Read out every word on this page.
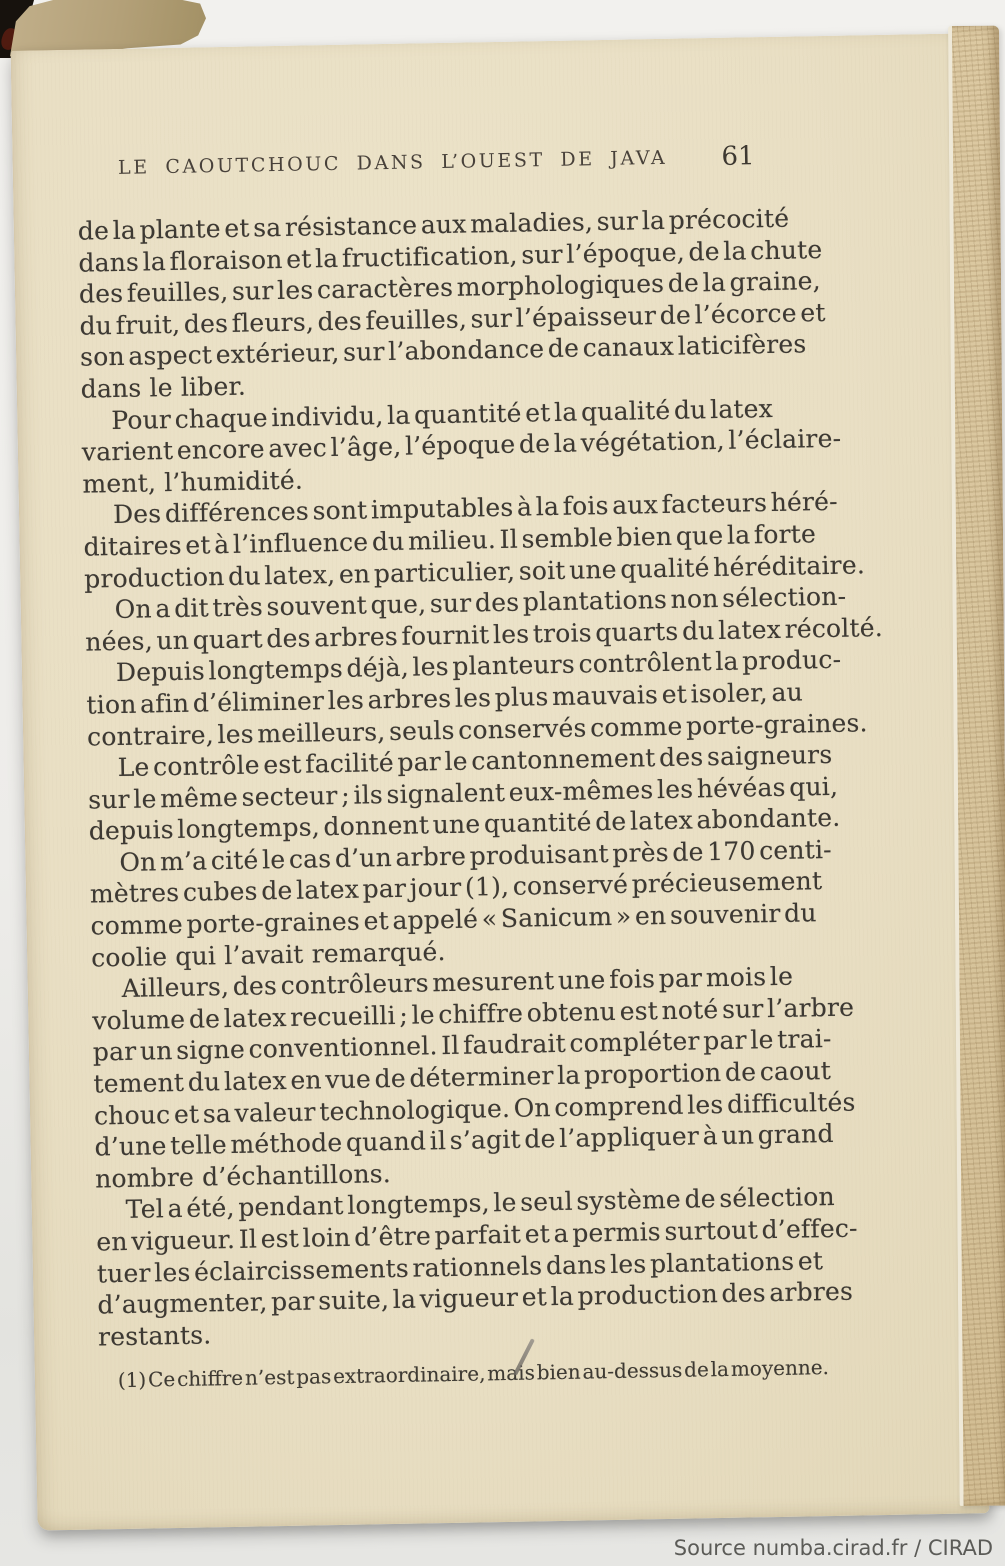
LE CAOUTCHOUC DANS L’OUEST DE JAVA	61
de la plante et sa résistance aux maladies, sur la précocité
dans la floraison et la fructification, sur l’époque, de la chute
des feuilles, sur les caractères morphologiques de la graine,
du fruit, des fleurs, des feuilles, sur l’épaisseur de l’écorce et
son aspect extérieur, sur l’abondance de canaux laticifères
dans le liber.
Pour chaque individu, la quantité et la qualité du latex
varient encore avec l’âge, l’époque de la végétation, l’éclaire-
ment, l’humidité.
Des différences sont imputables à la fois aux facteurs héré-
ditaires et à l’influence du milieu. Il semble bien que la forte
production du latex, en particulier, soit une qualité héréditaire.
On a dit très souvent que, sur des plantations non sélection-
nées, un quart des arbres fournit les trois quarts du latex récolté.
Depuis longtemps déjà, les planteurs contrôlent la produc-
tion afin d’éliminer les arbres les plus mauvais et isoler, au
contraire, les meilleurs, seuls conservés comme porte-graines.
Le contrôle est facilité par le cantonnement des saigneurs
sur le même secteur ; ils signalent eux-mêmes les hévéas qui,
depuis longtemps, donnent une quantité de latex abondante.
On m’a cité le cas d’un arbre produisant près de 170 centi-
mètres cubes de latex par jour (1), conservé précieusement
comme porte-graines et appelé « Sanicum » en souvenir du
coolie qui l’avait remarqué.
Ailleurs, des contrôleurs mesurent une fois par mois le
volume de latex recueilli ; le chiffre obtenu est noté sur l’arbre
par un signe conventionnel. Il faudrait compléter par le trai-
tement du latex en vue de déterminer la proportion de caout
chouc et sa valeur technologique. On comprend les difficultés
d’une telle méthode quand il s’agit de l’appliquer à un grand
nombre d’échantillons.
Tel a été, pendant longtemps, le seul système de sélection
en vigueur. Il est loin d’être parfait et a permis surtout d’effec-
tuer les éclaircissements rationnels dans les plantations et
d’augmenter, par suite, la vigueur et la production des arbres
restants.
(1) Ce chiffre n’est pas extraordinaire, mais bien au-dessus de la moyenne.
Source numba.cirad.fr / CIRAD
